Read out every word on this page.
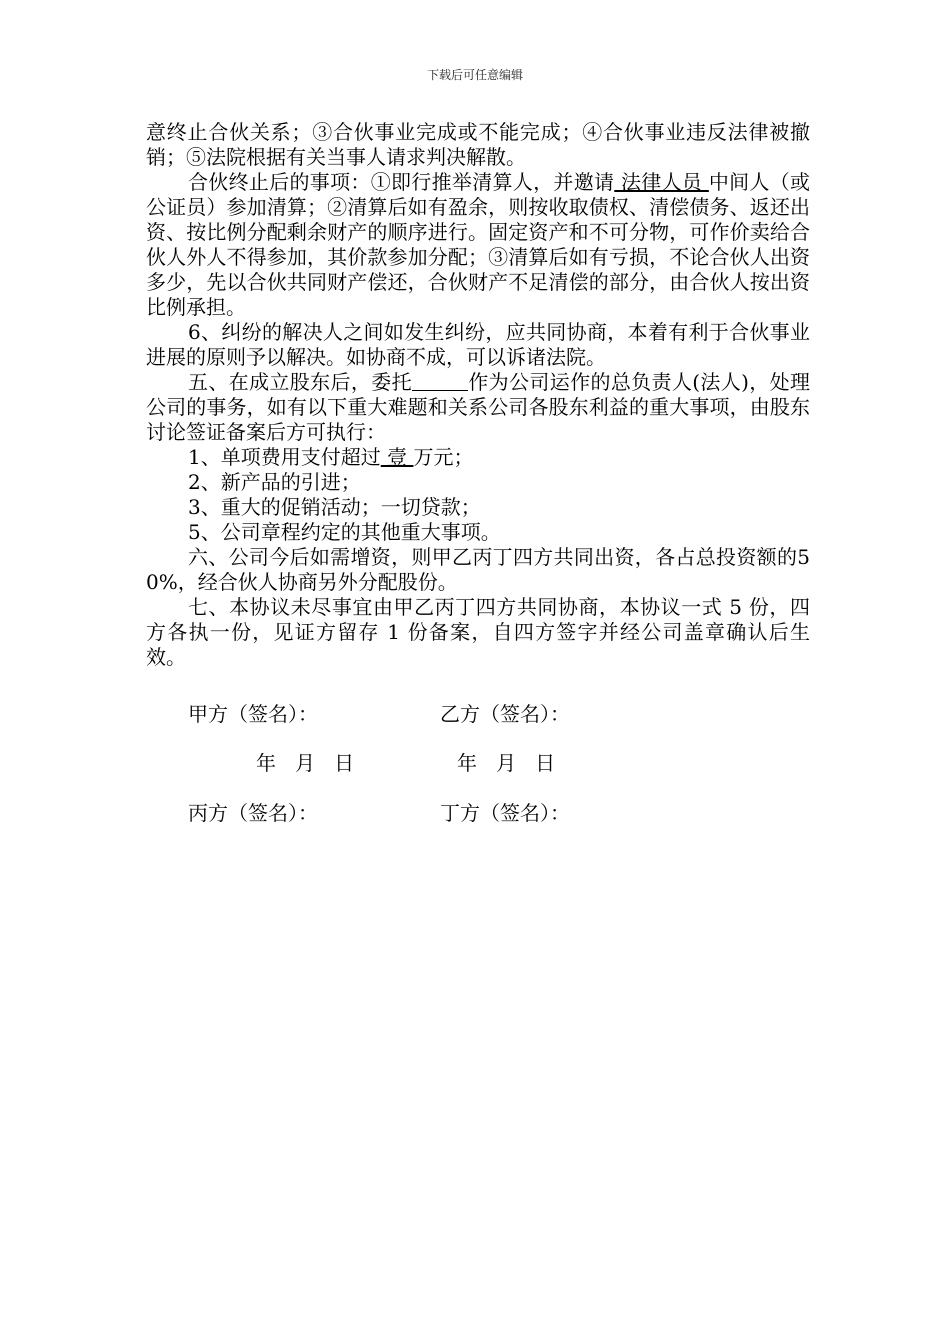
下载后可任意编辑

意终止合伙关系；③合伙事业完成或不能完成；④合伙事业违反法律被撤销；⑤法院根据有关当事人请求判决解散。

合伙终止后的事项：①即行推举清算人，并邀请 法律人员 中间人（或公证员）参加清算；②清算后如有盈余，则按收取债权、清偿债务、返还出资、按比例分配剩余财产的顺序进行。固定资产和不可分物，可作价卖给合伙人外人不得参加，其价款参加分配；③清算后如有亏损，不论合伙人出资多少，先以合伙共同财产偿还，合伙财产不足清偿的部分，由合伙人按出资比例承担。

6、纠纷的解决人之间如发生纠纷，应共同协商，本着有利于合伙事业进展的原则予以解决。如协商不成，可以诉诸法院。

五、在成立股东后，委托	作为公司运作的总负责人(法人)，处理公司的事务，如有以下重大难题和关系公司各股东利益的重大事项，由股东讨论签证备案后方可执行：

1、单项费用支付超过 壹 万元；

2、新产品的引进；

3、重大的促销活动；一切贷款；

5、公司章程约定的其他重大事项。

六、公司今后如需增资，则甲乙丙丁四方共同出资，各占总投资额的50%，经合伙人协商另外分配股份。

七、本协议未尽事宜由甲乙丙丁四方共同协商，本协议一式 5 份，四方各执一份，见证方留存 1 份备案，自四方签字并经公司盖章确认后生效。

甲方（签名）：	乙方（签名）：
年   月   日	年   月   日
丙方（签名）：	丁方（签名）：
